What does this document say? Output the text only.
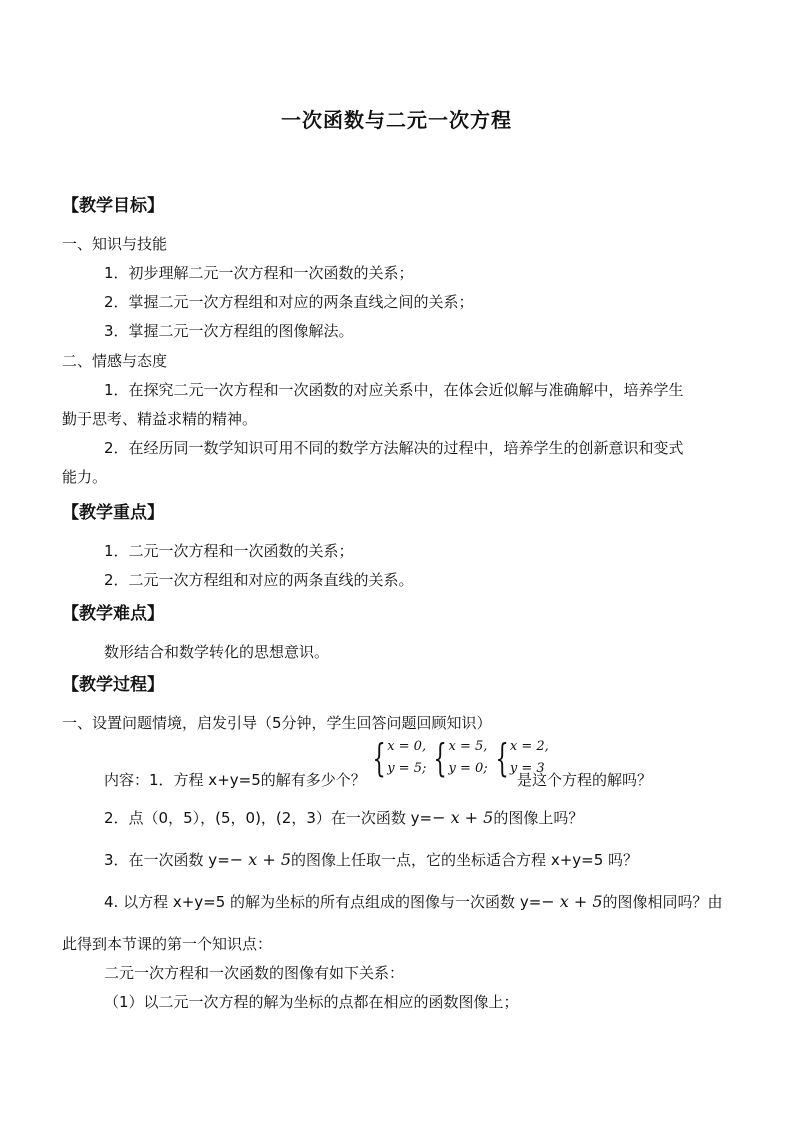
一次函数与二元一次方程
【教学目标】
一、知识与技能
1．初步理解二元一次方程和一次函数的关系；
2．掌握二元一次方程组和对应的两条直线之间的关系；
3．掌握二元一次方程组的图像解法。
二、情感与态度
1．在探究二元一次方程和一次函数的对应关系中，在体会近似解与准确解中，培养学生
勤于思考、精益求精的精神。
2．在经历同一数学知识可用不同的数学方法解决的过程中，培养学生的创新意识和变式
能力。
【教学重点】
1．二元一次方程和一次函数的关系；
2．二元一次方程组和对应的两条直线的关系。
【教学难点】
数形结合和数学转化的思想意识。
【教学过程】
一、设置问题情境，启发引导（5分钟，学生回答问题回顾知识）
内容：1．方程 x+y=5的解有多少个？ { x = 0,
y = 5; { x = 5,
y = 0; { x = 2,
y = 3
是这个方程的解吗？
2．点（0，5），(5，0)，(2，3）在一次函数 y=− x + 5的图像上吗？
3．在一次函数 y=− x + 5的图像上任取一点，它的坐标适合方程 x+y=5 吗？
4. 以方程 x+y=5 的解为坐标的所有点组成的图像与一次函数 y=− x + 5的图像相同吗？由
此得到本节课的第一个知识点：
二元一次方程和一次函数的图像有如下关系：
（1）以二元一次方程的解为坐标的点都在相应的函数图像上；
